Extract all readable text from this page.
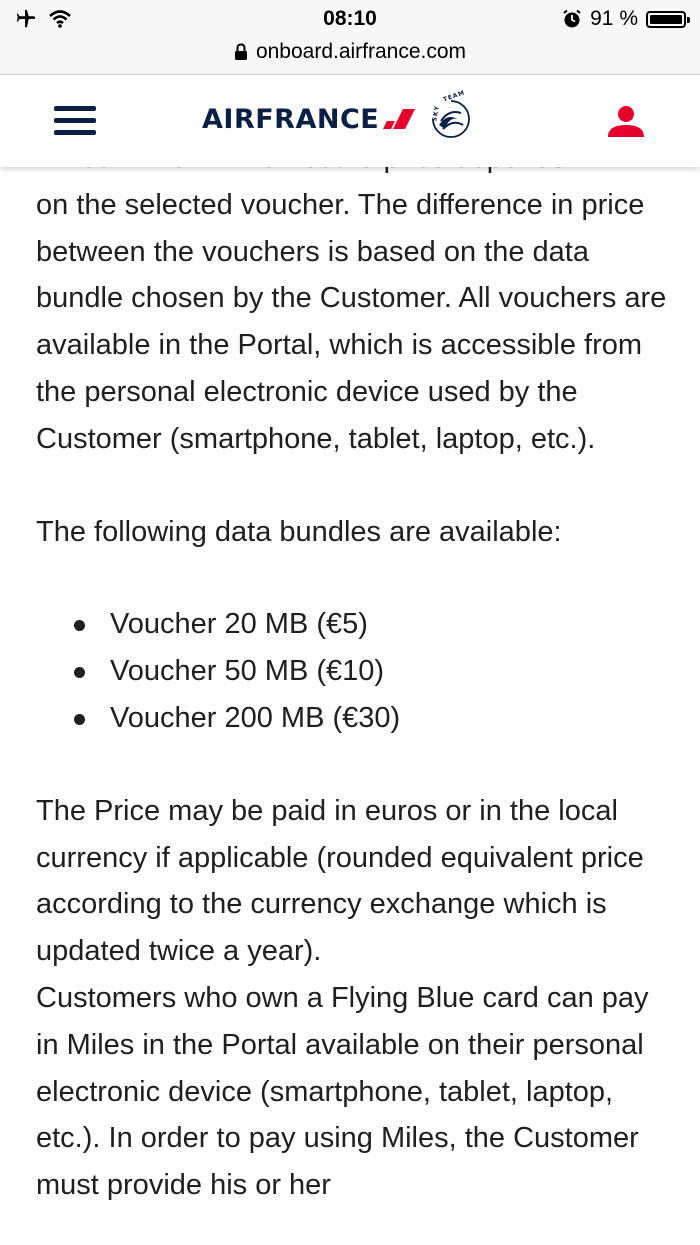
08:10	91 %
onboard.airfrance.com
AIRFRANCE
TEAM
SKY

on the selected voucher. The difference in price between the vouchers is based on the data bundle chosen by the Customer. All vouchers are available in the Portal, which is accessible from the personal electronic device used by the Customer (smartphone, tablet, laptop, etc.).

The following data bundles are available:

Voucher 20 MB (€5)
Voucher 50 MB (€10)
Voucher 200 MB (€30)

The Price may be paid in euros or in the local currency if applicable (rounded equivalent price according to the currency exchange which is updated twice a year).

Customers who own a Flying Blue card can pay in Miles in the Portal available on their personal electronic device (smartphone, tablet, laptop, etc.). In order to pay using Miles, the Customer must provide his or her
